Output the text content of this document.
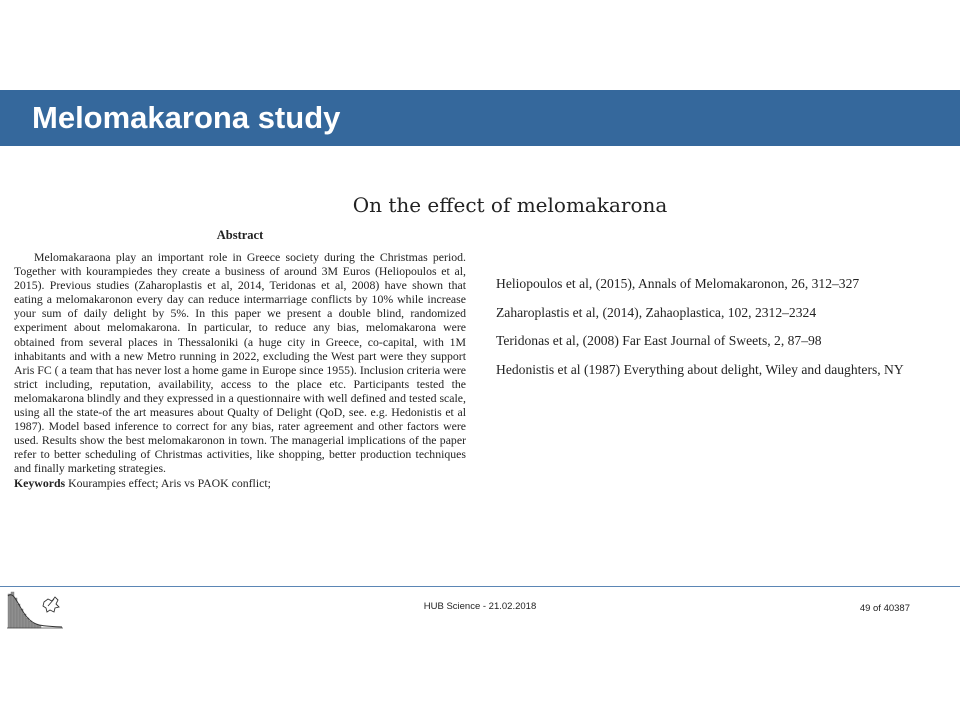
Melomakarona study
On the effect of melomakarona
Abstract

Melomakaraona play an important role in Greece society during the Christmas period. Together with kourampiedes they create a business of around 3M Euros (Heliopoulos et al, 2015). Previous studies (Zaharoplastis et al, 2014, Teridonas et al, 2008) have shown that eating a melomakaronon every day can reduce intermarriage conflicts by 10% while increase your sum of daily delight by 5%. In this paper we present a double blind, randomized experiment about melomakarona. In particular, to reduce any bias, melomakarona were obtained from several places in Thessaloniki (a huge city in Greece, co-capital, with 1M inhabitants and with a new Metro running in 2022, excluding the West part were they support Aris FC ( a team that has never lost a home game in Europe since 1955). Inclusion criteria were strict including, reputation, availability, access to the place etc. Participants tested the melomakarona blindly and they expressed in a questionnaire with well defined and tested scale, using all the state-of the art measures about Qualty of Delight (QoD, see. e.g. Hedonistis et al 1987). Model based inference to correct for any bias, rater agreement and other factors were used. Results show the best melomakaronon in town. The managerial implications of the paper refer to better scheduling of Christmas activities, like shopping, better production techniques and finally marketing strategies.

Keywords Kourampies effect; Aris vs PAOK conflict;

Heliopoulos et al, (2015), Annals of Melomakaronon, 26, 312–327
Zaharoplastis et al, (2014), Zahaoplastica, 102, 2312–2324
Teridonas et al, (2008) Far East Journal of Sweets, 2, 87–98
Hedonistis et al (1987) Everything about delight, Wiley and daughters, NY
HUB Science - 21.02.2018	49 of 40387
